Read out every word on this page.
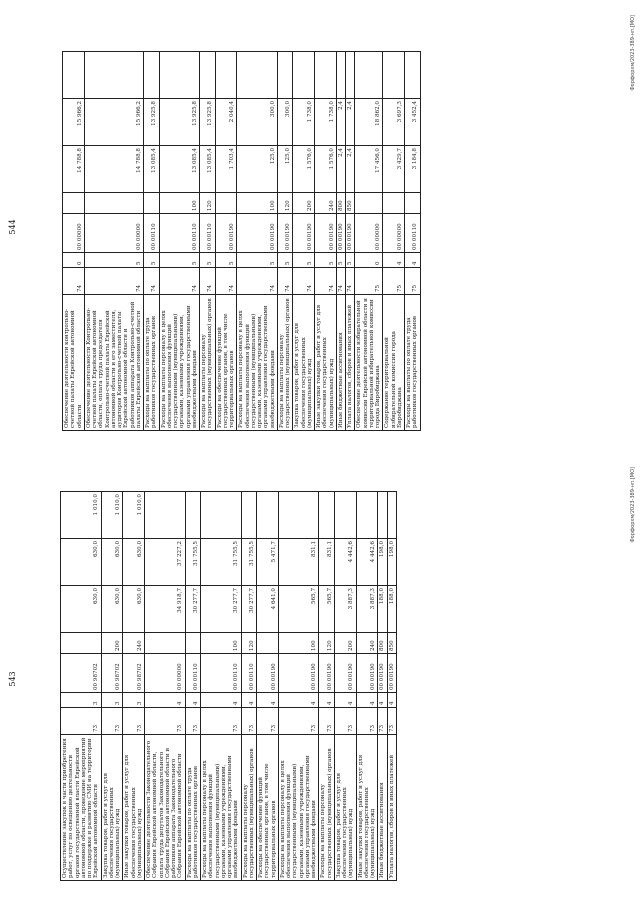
543
Осуществление закупок в части приобретения работ, услуг по освещению деятельности органов государственной власти Еврейской автономной области, проведение мероприятий по поддержке и развитию СМИ на территории Еврейской автономной области	73	3	00 98702		630,0	630,0	1 010,0
Закупка товаров, работ и услуг для обеспечения государственных (муниципальных) нужд	73	3	00 98702	200	630,0	630,0	1 010,0
Иные закупки товаров, работ и услуг для обеспечения государственных (муниципальных) нужд	73	3	00 98702	240	630,0	630,0	1 010,0
Обеспечение деятельности Законодательного Собрания Еврейской автономной области, оплата труда депутатов Законодательного Собрания Еврейской автономной области и работников аппарата Законодательного Собрания Еврейской автономной области	73	4	00 00000		34 918,7	37 227,2	
Расходы на выплаты по оплате труда работников государственных органов	73	4	00 00110		30 277,7	31 755,5	
Расходы на выплаты персоналу в целях обеспечения выполнения функций государственными (муниципальными) органами, казенными учреждениями, органами управления государственными внебюджетными фондами	73	4	00 00110	100	30 277,7	31 755,5	
Расходы на выплаты персоналу государственных (муниципальных) органов	73	4	00 00110	120	30 277,7	31 755,5	
Расходы на обеспечение функций государственных органов, в том числе территориальных органов	73	4	00 00190		4 641,0	5 471,7	
Расходы на выплаты персоналу в целях обеспечения выполнения функций государственными (муниципальными) органами, казенными учреждениями, органами управления государственными внебюджетными фондами	73	4	00 00190	100	565,7	831,1	
Расходы на выплаты персоналу государственных (муниципальных) органов	73	4	00 00190	120	565,7	831,1	
Закупка товаров, работ и услуг для обеспечения государственных (муниципальных) нужд	73	4	00 00190	200	3 887,3	4 442,6	
Иные закупки товаров, работ и услуг для обеспечения государственных (муниципальных) нужд	73	4	00 00190	240	3 887,3	4 442,6	
Иные бюджетные ассигнования	73	4	00 00190	800	188,0	198,0	
Уплата налогов, сборов и иных платежей	73	4	00 00190	850	188,0	198,0	
Форфорхм/2023-389-нп.[МО]
544
Обеспечение деятельности контрольно-счетной палаты Еврейской автономной области	74	0	00 00000		14 788,8	15 966,2	
Обеспечение деятельности Контрольно-счетной палаты Еврейской автономной области, оплата труда председателя Контрольно-счетной палаты Еврейской автономной области и его заместителя, аудиторов Контрольно-счетной палаты Еврейской автономной области и работников аппарата Контрольно-счетной палаты Еврейской автономной области	74	5	00 00000		14 788,8	15 966,2	
Расходы на выплаты по оплате труда работников государственных органов	74	5	00 00110		13 085,4	13 925,8	
Расходы на выплаты персоналу в целях обеспечения выполнения функций государственными (муниципальными) органами, казенными учреждениями, органами управления государственными внебюджетными фондами	74	5	00 00110	100	13 085,4	13 925,8	
Расходы на выплаты персоналу государственных (муниципальных) органов	74	5	00 00110	120	13 085,4	13 925,8	
Расходы на обеспечение функций государственных органов, в том числе территориальных органов	74	5	00 00190		1 703,4	2 040,4	
Расходы на выплаты персоналу в целях обеспечения выполнения функций государственными (муниципальными) органами, казенными учреждениями, органами управления государственными внебюджетными фондами	74	5	00 00190	100	125,0	300,0	
Расходы на выплаты персоналу государственных (муниципальных) органов	74	5	00 00190	120	125,0	300,0	
Закупка товаров, работ и услуг для обеспечения государственных (муниципальных) нужд	74	5	00 00190	200	1 576,0	1 738,0	
Иные закупки товаров, работ и услуг для обеспечения государственных (муниципальных) нужд	74	5	00 00190	240	1 576,0	1 738,0	
Иные бюджетные ассигнования	74	5	00 00190	800	2,4	2,4	
Уплата налогов, сборов и иных платежей	74	5	00 00190	850	2,4	2,4	
Обеспечение деятельности избирательной комиссии Еврейской автономной области и территориальной избирательной комиссии города Биробиджана	75	0	00 00000		17 456,0	18 862,0	
Содержание территориальной избирательной комиссии города Биробиджана	75	4	00 00000		3 429,7	3 697,3	
Расходы на выплаты по оплате труда работников государственных органов	75	4	00 00110		3 184,8	3 452,4	
Форфорхм/2023-389-нп.[МО]
